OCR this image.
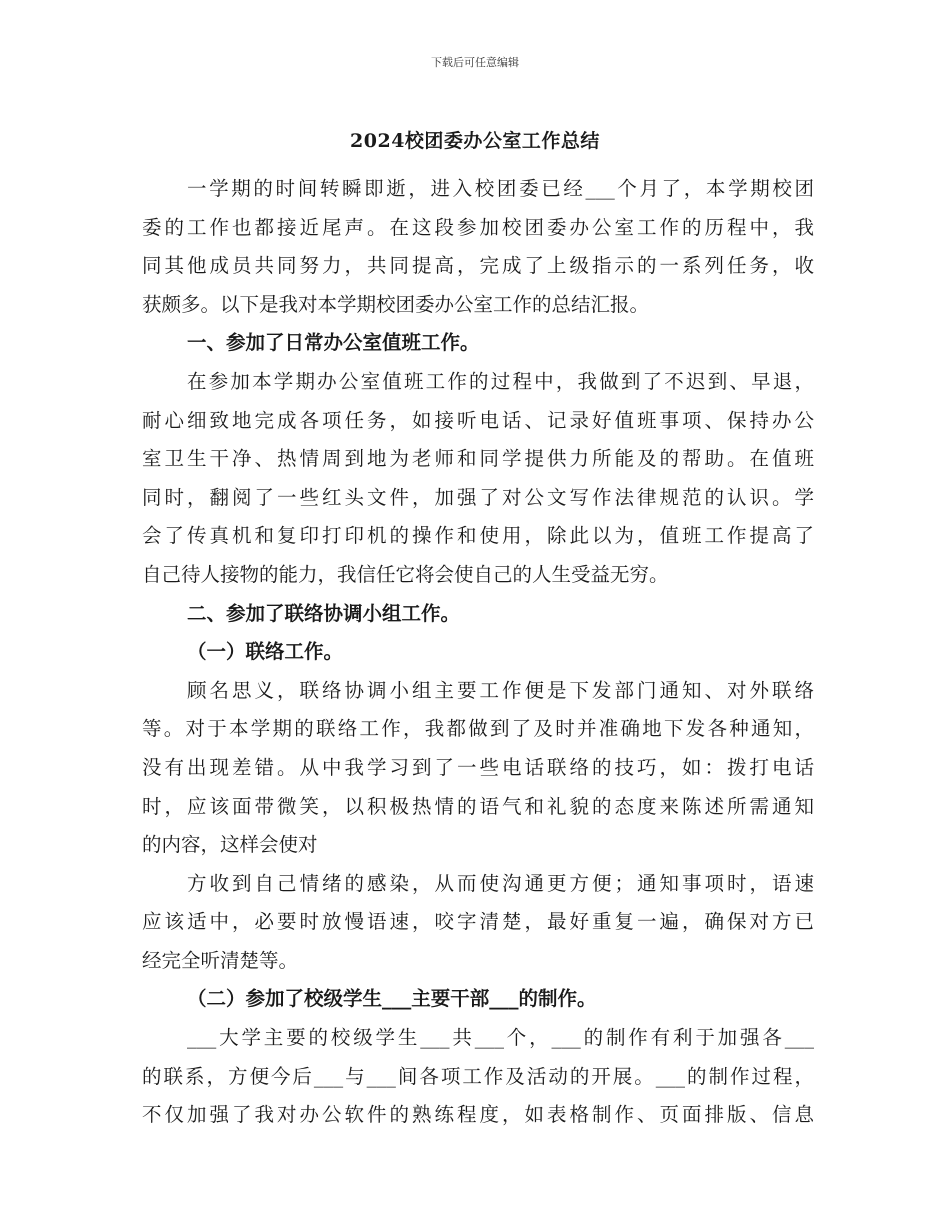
下载后可任意编辑
2024校团委办公室工作总结
一学期的时间转瞬即逝，进入校团委已经___个月了，本学期校团
委的工作也都接近尾声。在这段参加校团委办公室工作的历程中，我
同其他成员共同努力，共同提高，完成了上级指示的一系列任务，收
获颇多。以下是我对本学期校团委办公室工作的总结汇报。
一、参加了日常办公室值班工作。
在参加本学期办公室值班工作的过程中，我做到了不迟到、早退，
耐心细致地完成各项任务，如接听电话、记录好值班事项、保持办公
室卫生干净、热情周到地为老师和同学提供力所能及的帮助。在值班
同时，翻阅了一些红头文件，加强了对公文写作法律规范的认识。学
会了传真机和复印打印机的操作和使用，除此以为，值班工作提高了
自己待人接物的能力，我信任它将会使自己的人生受益无穷。
二、参加了联络协调小组工作。
（一）联络工作。
顾名思义，联络协调小组主要工作便是下发部门通知、对外联络
等。对于本学期的联络工作，我都做到了及时并准确地下发各种通知，
没有出现差错。从中我学习到了一些电话联络的技巧，如：拨打电话
时，应该面带微笑，以积极热情的语气和礼貌的态度来陈述所需通知
的内容，这样会使对
方收到自己情绪的感染，从而使沟通更方便；通知事项时，语速
应该适中，必要时放慢语速，咬字清楚，最好重复一遍，确保对方已
经完全听清楚等。
（二）参加了校级学生___主要干部___的制作。
___大学主要的校级学生___共___个，___的制作有利于加强各___
的联系，方便今后___与___间各项工作及活动的开展。___的制作过程，
不仅加强了我对办公软件的熟练程度，如表格制作、页面排版、信息
